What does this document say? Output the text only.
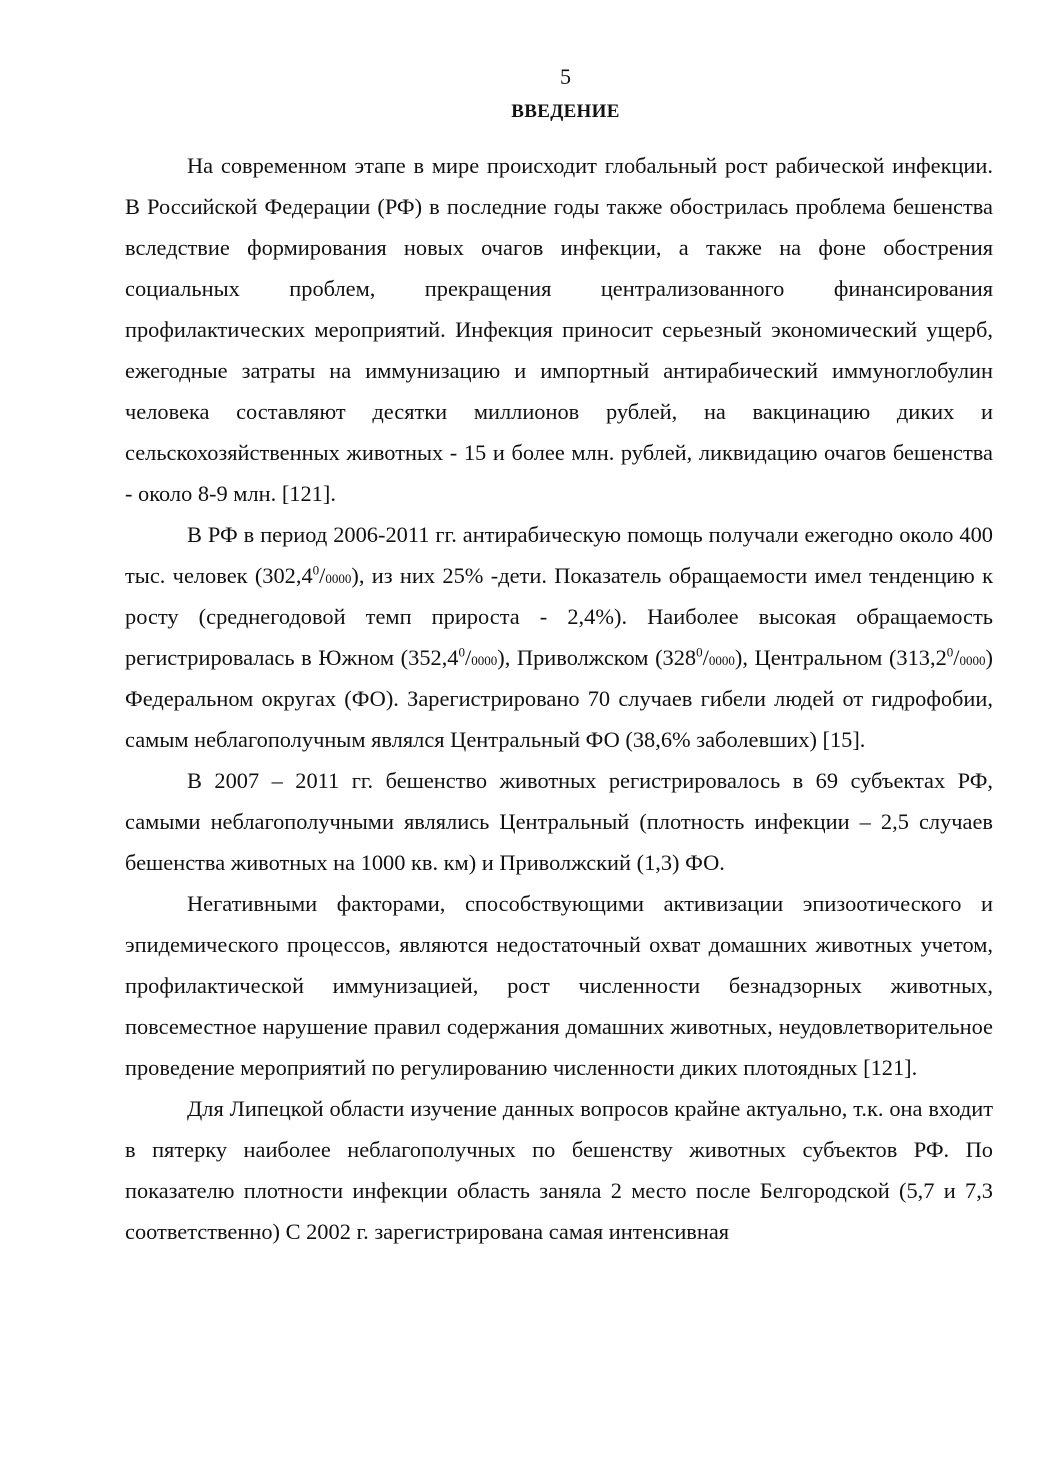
5
ВВЕДЕНИЕ

На современном этапе в мире происходит глобальный рост рабической инфекции. В Российской Федерации (РФ) в последние годы также обострилась проблема бешенства вследствие формирования новых очагов инфекции, а также на фоне обострения социальных проблем, прекращения централизованного финансирования профилактических мероприятий. Инфекция приносит серьезный экономический ущерб, ежегодные затраты на иммунизацию и импортный антирабический иммуноглобулин человека составляют десятки миллионов рублей, на вакцинацию диких и сельскохозяйственных животных - 15 и более млн. рублей, ликвидацию очагов бешенства - около 8-9 млн. [121].

В РФ в период 2006-2011 гг. антирабическую помощь получали ежегодно около 400 тыс. человек (302,4$^0$/0000), из них 25% -дети. Показатель обращаемости имел тенденцию к росту (среднегодовой темп прироста - 2,4%). Наиболее высокая обращаемость регистрировалась в Южном (352,4$^0$/0000), Приволжском $(328^0/0000)$, Центральном (313,2$^0$/0000) Федеральном округах (ФО). Зарегистрировано 70 случаев гибели людей от гидрофобии, самым неблагополучным являлся Центральный ФО (38,6% заболевших) [15].

В 2007 – 2011 гг. бешенство животных регистрировалось в 69 субъектах РФ, самыми неблагополучными являлись Центральный (плотность инфекции – 2,5 случаев бешенства животных на 1000 кв. км) и Приволжский (1,3) ФО.

Негативными факторами, способствующими активизации эпизоотического и эпидемического процессов, являются недостаточный охват домашних животных учетом, профилактической иммунизацией, рост численности безнадзорных животных, повсеместное нарушение правил содержания домашних животных, неудовлетворительное проведение мероприятий по регулированию численности диких плотоядных [121].

Для Липецкой области изучение данных вопросов крайне актуально, т.к. она входит в пятерку наиболее неблагополучных по бешенству животных субъектов РФ. По показателю плотности инфекции область заняла 2 место после Белгородской (5,7 и 7,3 соответственно) С 2002 г. зарегистрирована самая интенсивная
